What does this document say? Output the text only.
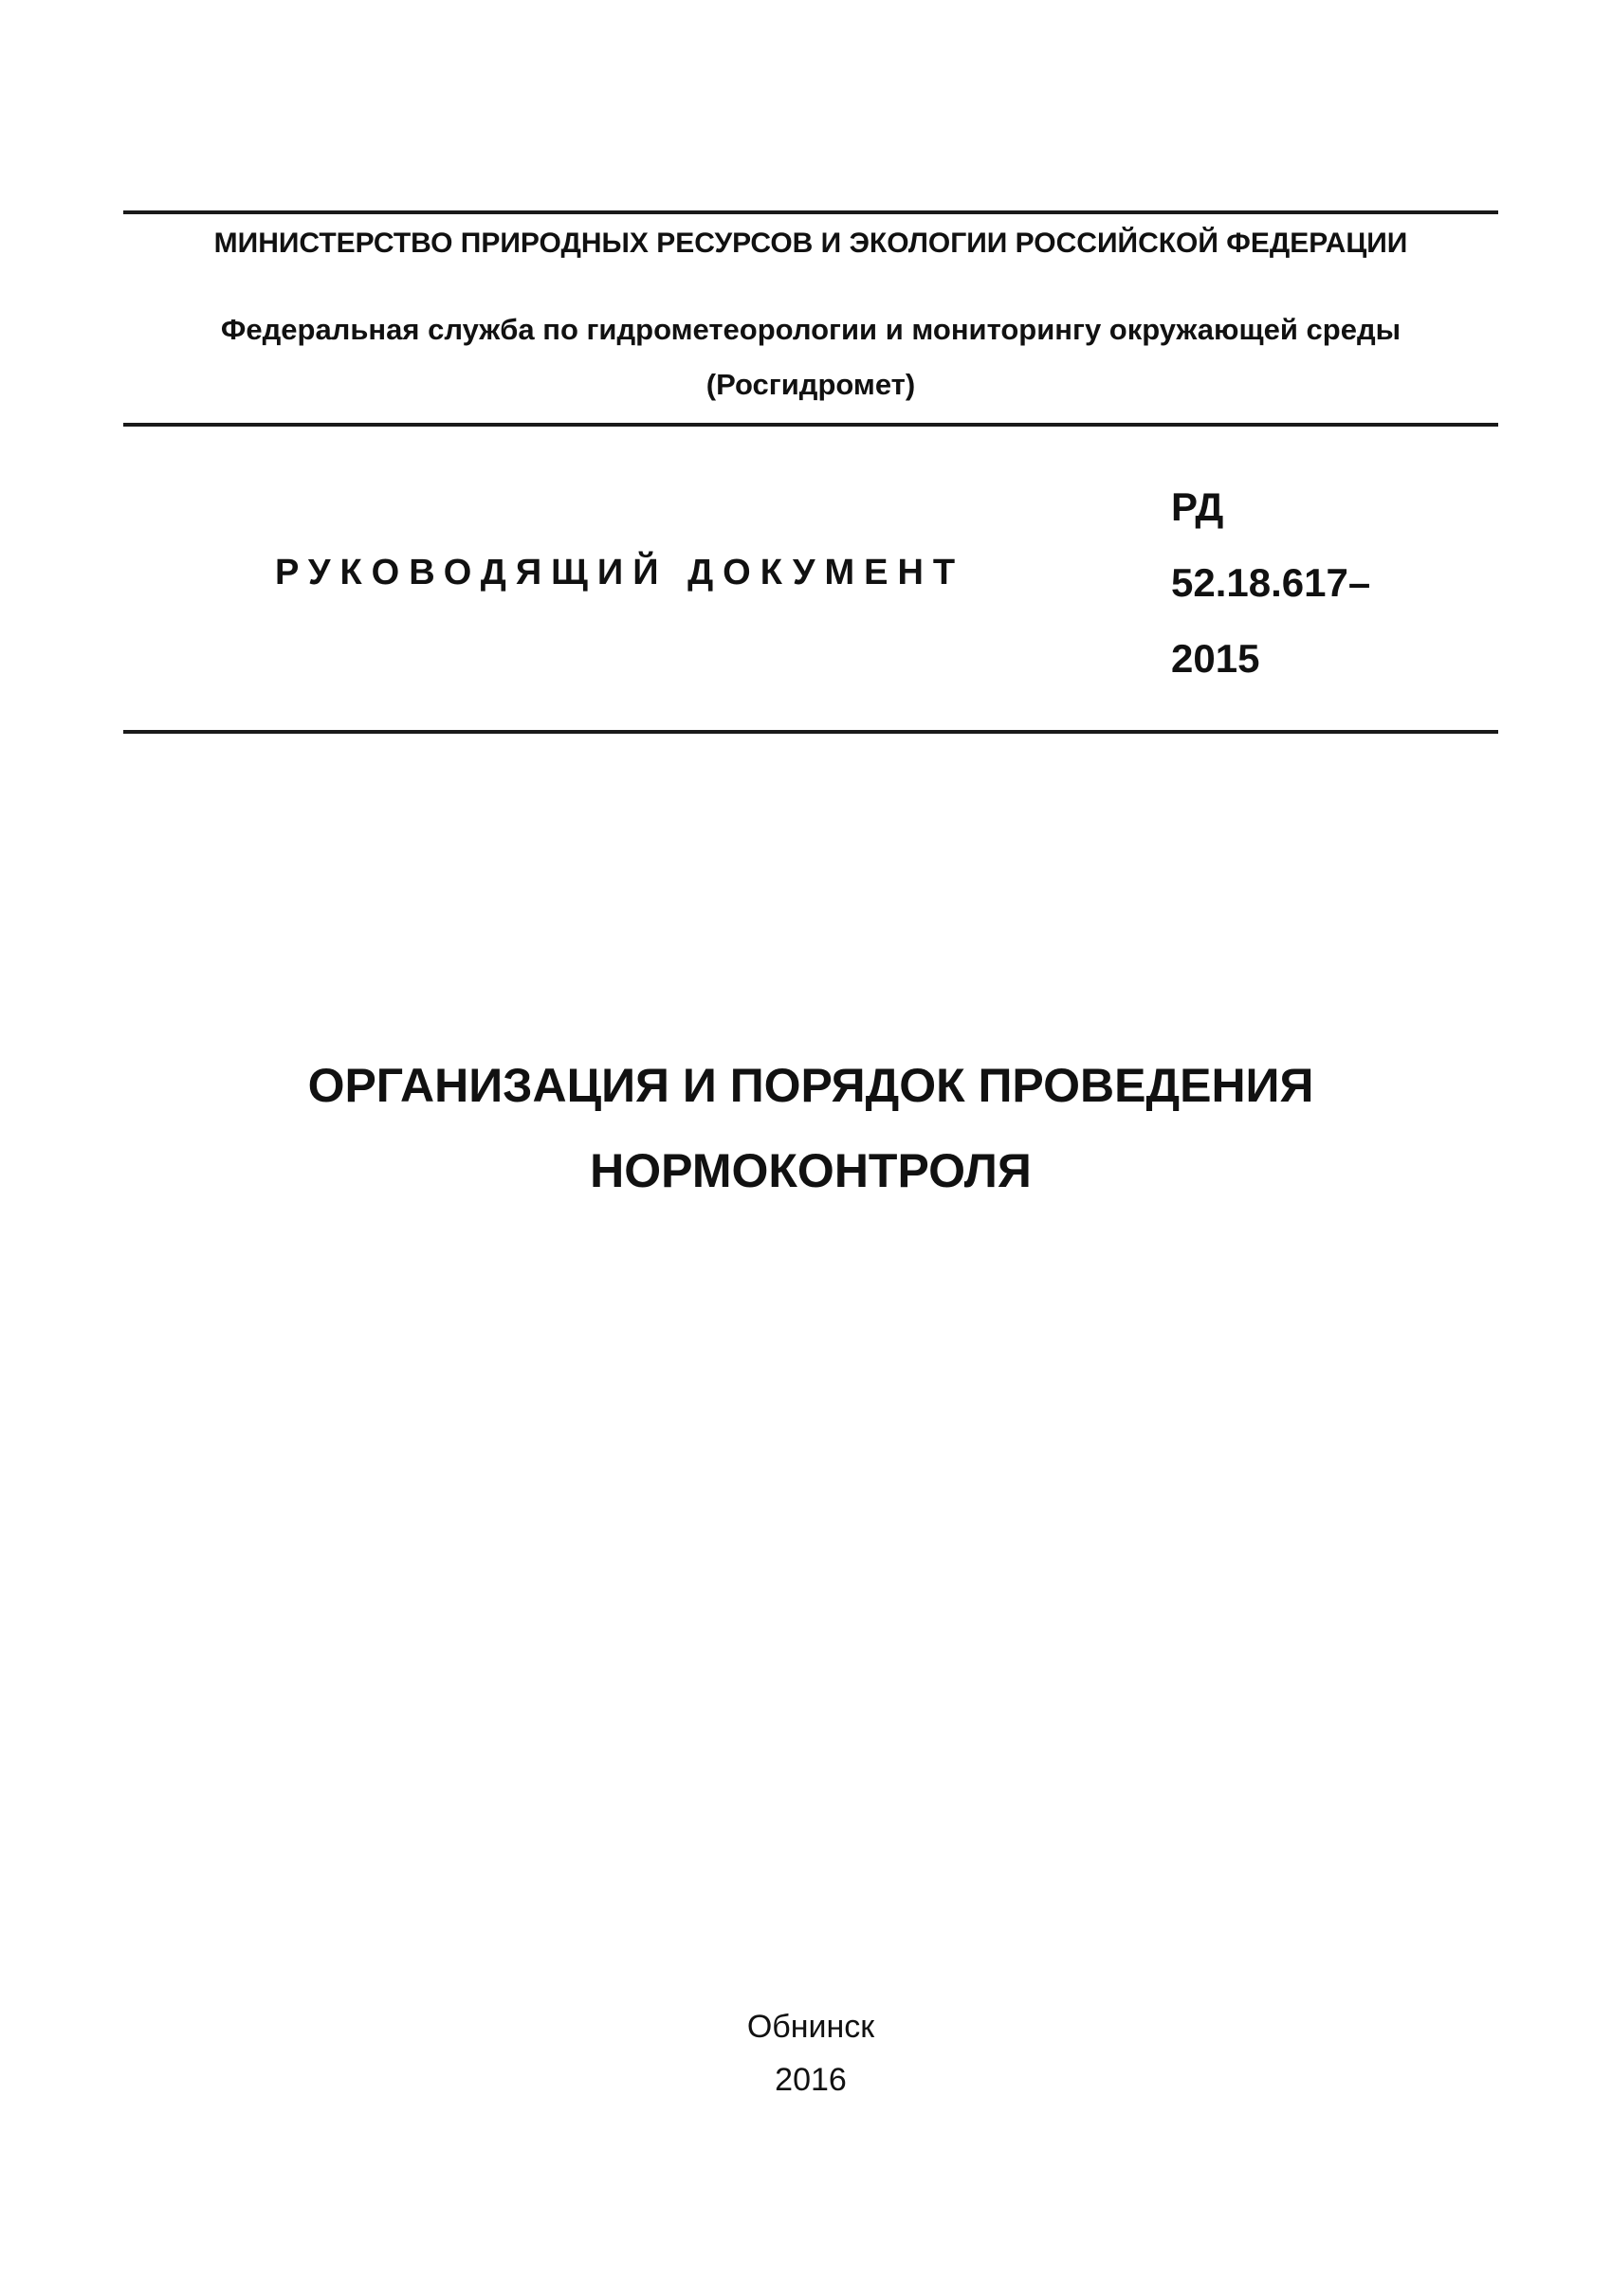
МИНИСТЕРСТВО ПРИРОДНЫХ РЕСУРСОВ И ЭКОЛОГИИ РОССИЙСКОЙ ФЕДЕРАЦИИ
Федеральная служба по гидрометеорологии и мониторингу окружающей среды
(Росгидромет)
РУКОВОДЯЩИЙ ДОКУМЕНТ
РД
52.18.617–
2015
ОРГАНИЗАЦИЯ И ПОРЯДОК ПРОВЕДЕНИЯ
НОРМОКОНТРОЛЯ
Обнинск
2016
